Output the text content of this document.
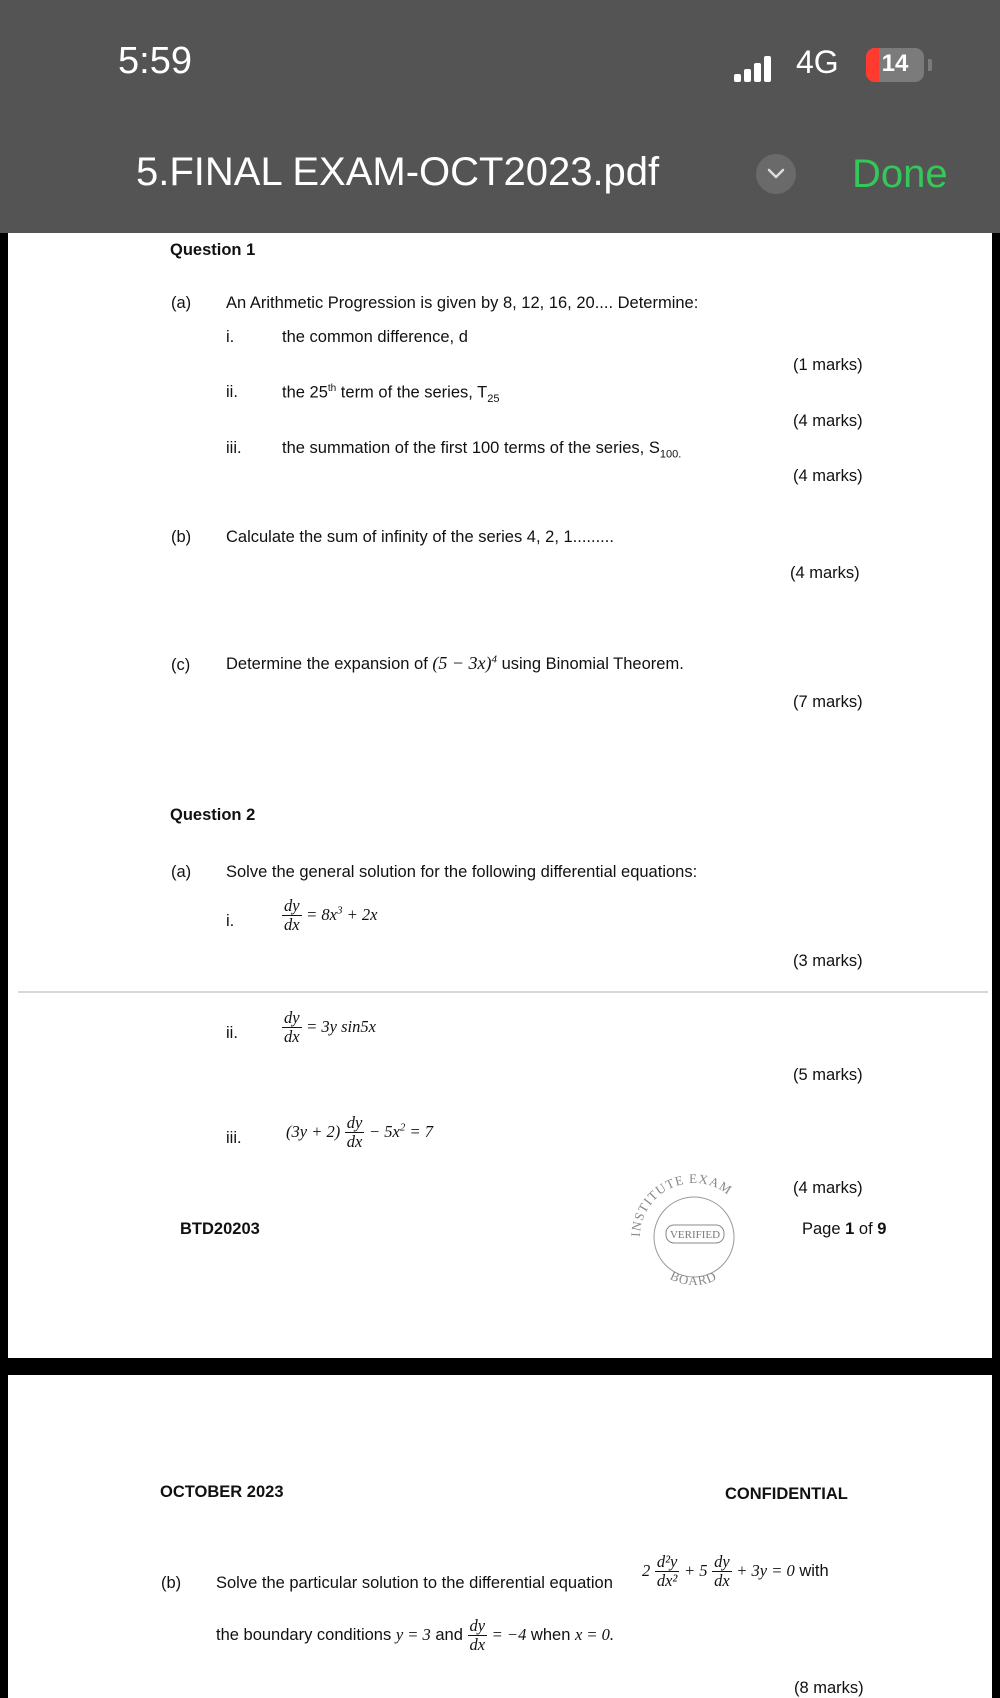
5:59	4G	14
5.FINAL EXAM-OCT2023.pdf	Done
Question 1
(a) An Arithmetic Progression is given by 8, 12, 16, 20.... Determine:
i.	the common difference, d
(1 marks)
ii.	the 25th term of the series, $T_{25}$
(4 marks)
iii. the summation of the first 100 terms of the series, $S_{100.}$
(4 marks)
(b) Calculate the sum of infinity of the series 4, 2, 1.........
(4 marks)
(c) Determine the expansion of $(5 - 3x)^4$ using Binomial Theorem.
(7 marks)
Question 2
(a) Solve the general solution for the following differential equations:
i.	$\frac{dy}{dx} = 8x^3 + 2x$
(3 marks)
ii.	$\frac{dy}{dx} = 3y$ sin5x
(5 marks)
iii.	$(3y + 2) \frac{dy}{dx} - 5x^2 = 7$
(4 marks)
BTD20203	Page 1 of 9
INSTITUTE EXAM
VERIFIED
BOARD
OCTOBER 2023	CONFIDENTIAL
(b) Solve the particular solution to the differential equation
$2 \frac{\text{d²y}}{\text{dx²}} + 5 \frac{dy}{dx} + 3y = 0$ with
the boundary conditions y = 3 and $\frac{dy}{dx} = -4$ when x = 0.
(8 marks)
